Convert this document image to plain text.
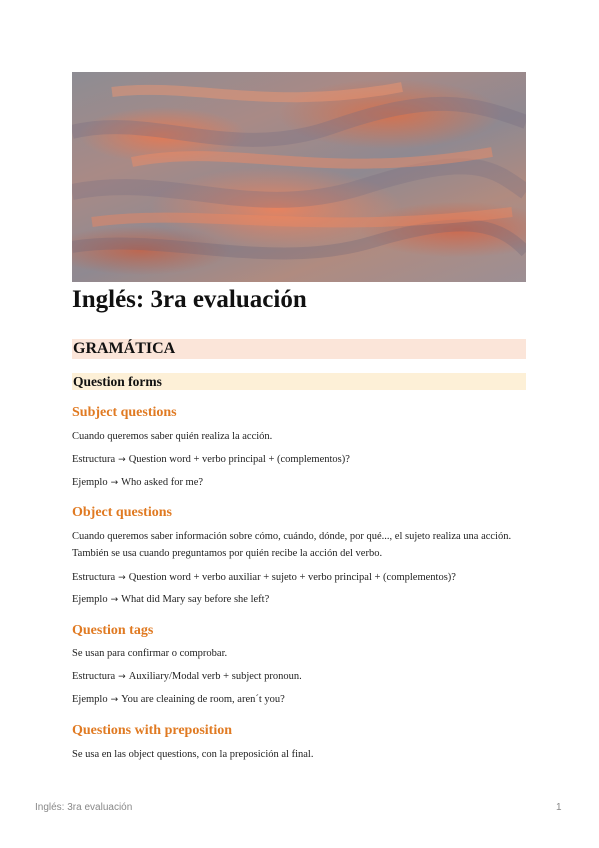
Inglés: 3ra evaluación
GRAMÁTICA
Question forms
Subject questions

Cuando queremos saber quién realiza la acción.

Estructura → Question word + verbo principal + (complementos)?

Ejemplo → Who asked for me?

Object questions

Cuando queremos saber información sobre cómo, cuándo, dónde, por qué..., el sujeto realiza una acción. También se usa cuando preguntamos por quién recibe la acción del verbo.

Estructura → Question word + verbo auxiliar + sujeto + verbo principal + (complementos)?

Ejemplo → What did Mary say before she left?

Question tags

Se usan para confirmar o comprobar.

Estructura → Auxiliary/Modal verb + subject pronoun.

Ejemplo → You are cleaining de room, aren´t you?

Questions with preposition

Se usa en las object questions, con la preposición al final.

Inglés: 3ra evaluación	1
